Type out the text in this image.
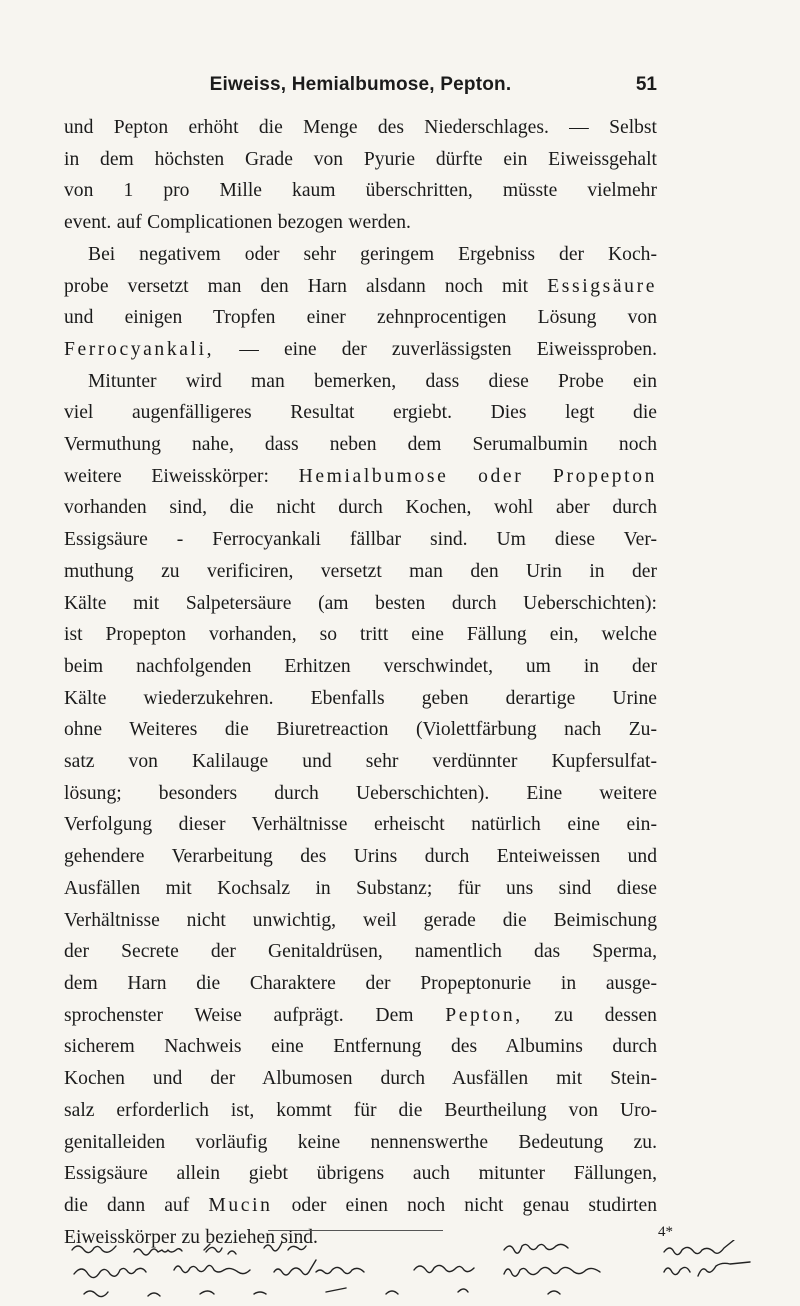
Eiweiss, Hemialbumose, Pepton.	51
und Pepton erhöht die Menge des Niederschlages. — Selbst
in dem höchsten Grade von Pyurie dürfte ein Eiweissgehalt
von 1 pro Mille kaum überschritten, müsste vielmehr
event. auf Complicationen bezogen werden.
Bei negativem oder sehr geringem Ergebniss der Koch-
probe versetzt man den Harn alsdann noch mit Essigsäure
und einigen Tropfen einer zehnprocentigen Lösung von
Ferrocyankali, — eine der zuverlässigsten Eiweissproben.
Mitunter wird man bemerken, dass diese Probe ein
viel augenfälligeres Resultat ergiebt. Dies legt die
Vermuthung nahe, dass neben dem Serumalbumin noch
weitere Eiweisskörper: Hemialbumose oder Propepton
vorhanden sind, die nicht durch Kochen, wohl aber durch
Essigsäure - Ferrocyankali fällbar sind. Um diese Ver-
muthung zu verificiren, versetzt man den Urin in der
Kälte mit Salpetersäure (am besten durch Ueberschichten):
ist Propepton vorhanden, so tritt eine Fällung ein, welche
beim nachfolgenden Erhitzen verschwindet, um in der
Kälte wiederzukehren. Ebenfalls geben derartige Urine
ohne Weiteres die Biuretreaction (Violettfärbung nach Zu-
satz von Kalilauge und sehr verdünnter Kupfersulfat-
lösung; besonders durch Ueberschichten). Eine weitere
Verfolgung dieser Verhältnisse erheischt natürlich eine ein-
gehendere Verarbeitung des Urins durch Enteiweissen und
Ausfällen mit Kochsalz in Substanz; für uns sind diese
Verhältnisse nicht unwichtig, weil gerade die Beimischung
der Secrete der Genitaldrüsen, namentlich das Sperma,
dem Harn die Charaktere der Propeptonurie in ausge-
sprochenster Weise aufprägt. Dem Pepton, zu dessen
sicherem Nachweis eine Entfernung des Albumins durch
Kochen und der Albumosen durch Ausfällen mit Stein-
salz erforderlich ist, kommt für die Beurtheilung von Uro-
genitalleiden vorläufig keine nennenswerthe Bedeutung zu.
Essigsäure allein giebt übrigens auch mitunter Fällungen,
die dann auf Mucin oder einen noch nicht genau studirten
Eiweisskörper zu beziehen sind.	4*
